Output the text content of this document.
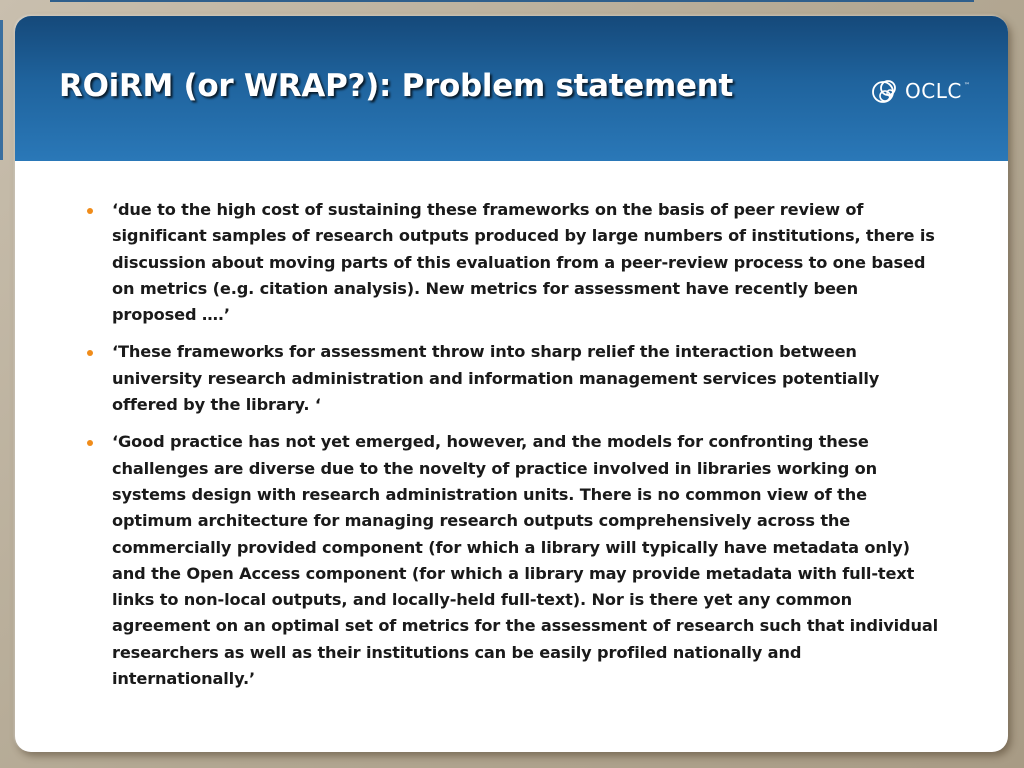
ROiRM (or WRAP?): Problem statement	OCLC ™
‘due to the high cost of sustaining these frameworks on the basis of peer review of significant samples of research outputs produced by large numbers of institutions, there is discussion about moving parts of this evaluation from a peer-review process to one based on metrics (e.g. citation analysis). New metrics for assessment have recently been proposed ….’
‘These frameworks for assessment throw into sharp relief the interaction between university research administration and information management services potentially offered by the library. ‘
‘Good practice has not yet emerged, however, and the models for confronting these challenges are diverse due to the novelty of practice involved in libraries working on systems design with research administration units. There is no common view of the optimum architecture for managing research outputs comprehensively across the commercially provided component (for which a library will typically have metadata only) and the Open Access component (for which a library may provide metadata with full-text links to non-local outputs, and locally-held full-text). Nor is there yet any common agreement on an optimal set of metrics for the assessment of research such that individual researchers as well as their institutions can be easily profiled nationally and internationally.’
